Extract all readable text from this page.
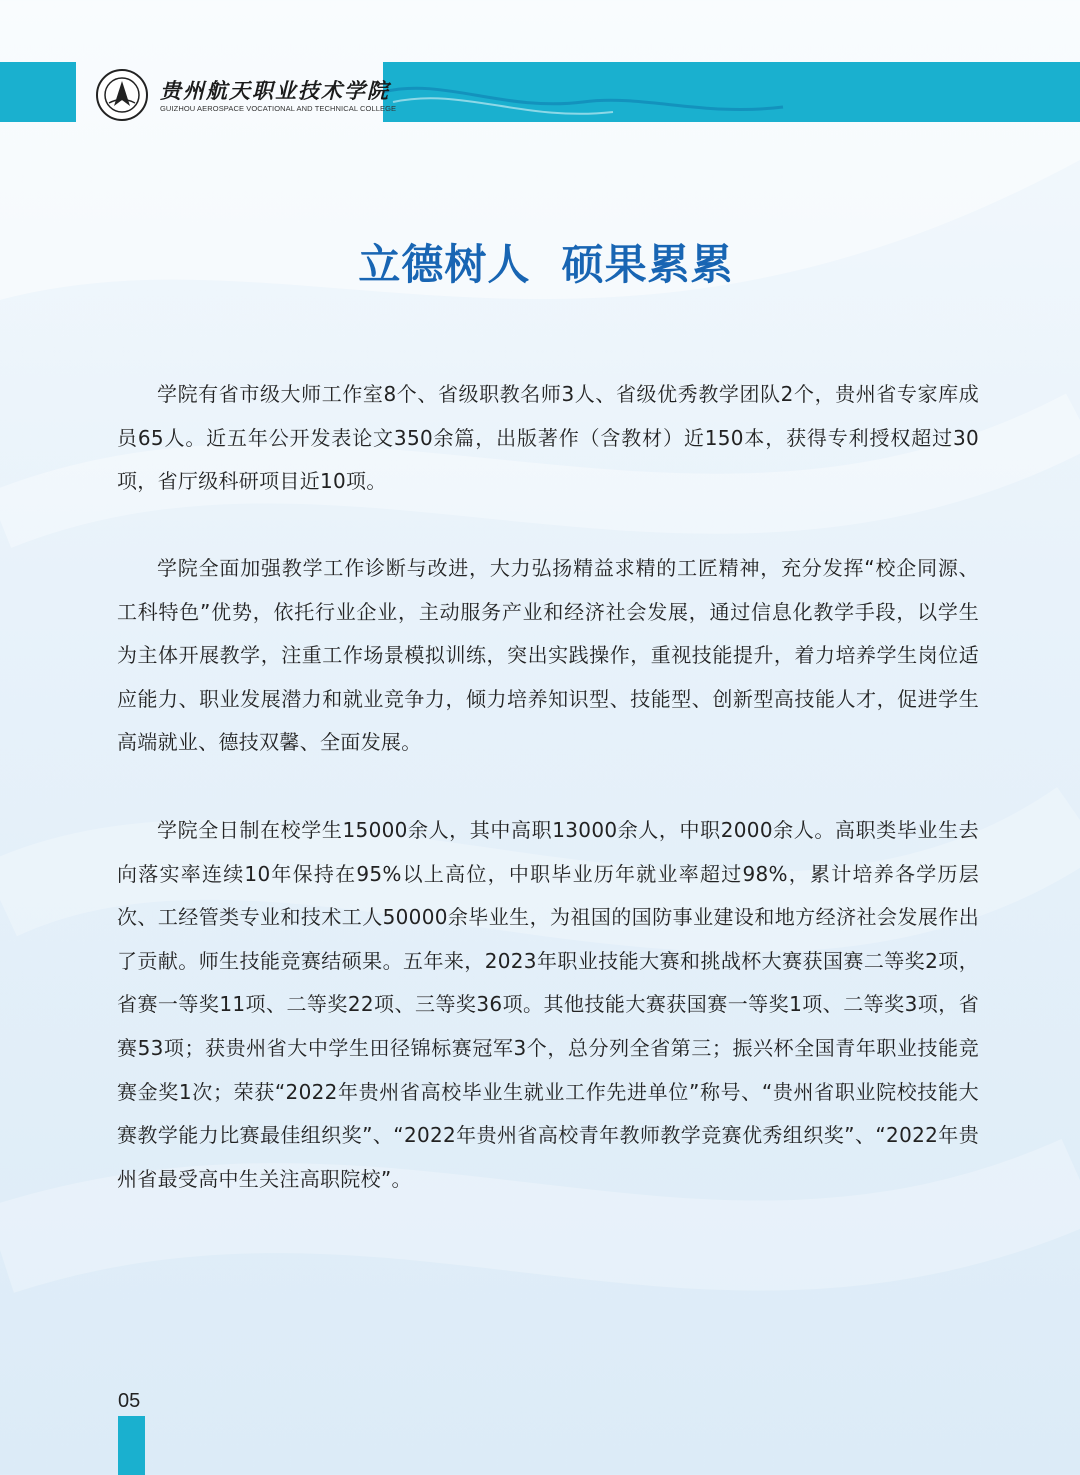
贵州航天职业技术学院
GUIZHOU AEROSPACE VOCATIONAL AND TECHNICAL COLLEGE
立德树人  硕果累累

学院有省市级大师工作室8个、省级职教名师3人、省级优秀教学团队2个，贵州省专家库成员65人。近五年公开发表论文350余篇，出版著作（含教材）近150本，获得专利授权超过30项，省厅级科研项目近10项。

学院全面加强教学工作诊断与改进，大力弘扬精益求精的工匠精神，充分发挥“校企同源、工科特色”优势，依托行业企业，主动服务产业和经济社会发展，通过信息化教学手段，以学生为主体开展教学，注重工作场景模拟训练，突出实践操作，重视技能提升，着力培养学生岗位适应能力、职业发展潜力和就业竞争力，倾力培养知识型、技能型、创新型高技能人才，促进学生高端就业、德技双馨、全面发展。

学院全日制在校学生15000余人，其中高职13000余人，中职2000余人。高职类毕业生去向落实率连续10年保持在95%以上高位，中职毕业历年就业率超过98%，累计培养各学历层次、工经管类专业和技术工人50000余毕业生，为祖国的国防事业建设和地方经济社会发展作出了贡献。师生技能竞赛结硕果。五年来，2023年职业技能大赛和挑战杯大赛获国赛二等奖2项，省赛一等奖11项、二等奖22项、三等奖36项。其他技能大赛获国赛一等奖1项、二等奖3项，省赛53项；获贵州省大中学生田径锦标赛冠军3个，总分列全省第三；振兴杯全国青年职业技能竞赛金奖1次；荣获“2022年贵州省高校毕业生就业工作先进单位”称号、“贵州省职业院校技能大赛教学能力比赛最佳组织奖”、“2022年贵州省高校青年教师教学竞赛优秀组织奖”、“2022年贵州省最受高中生关注高职院校”。

05
